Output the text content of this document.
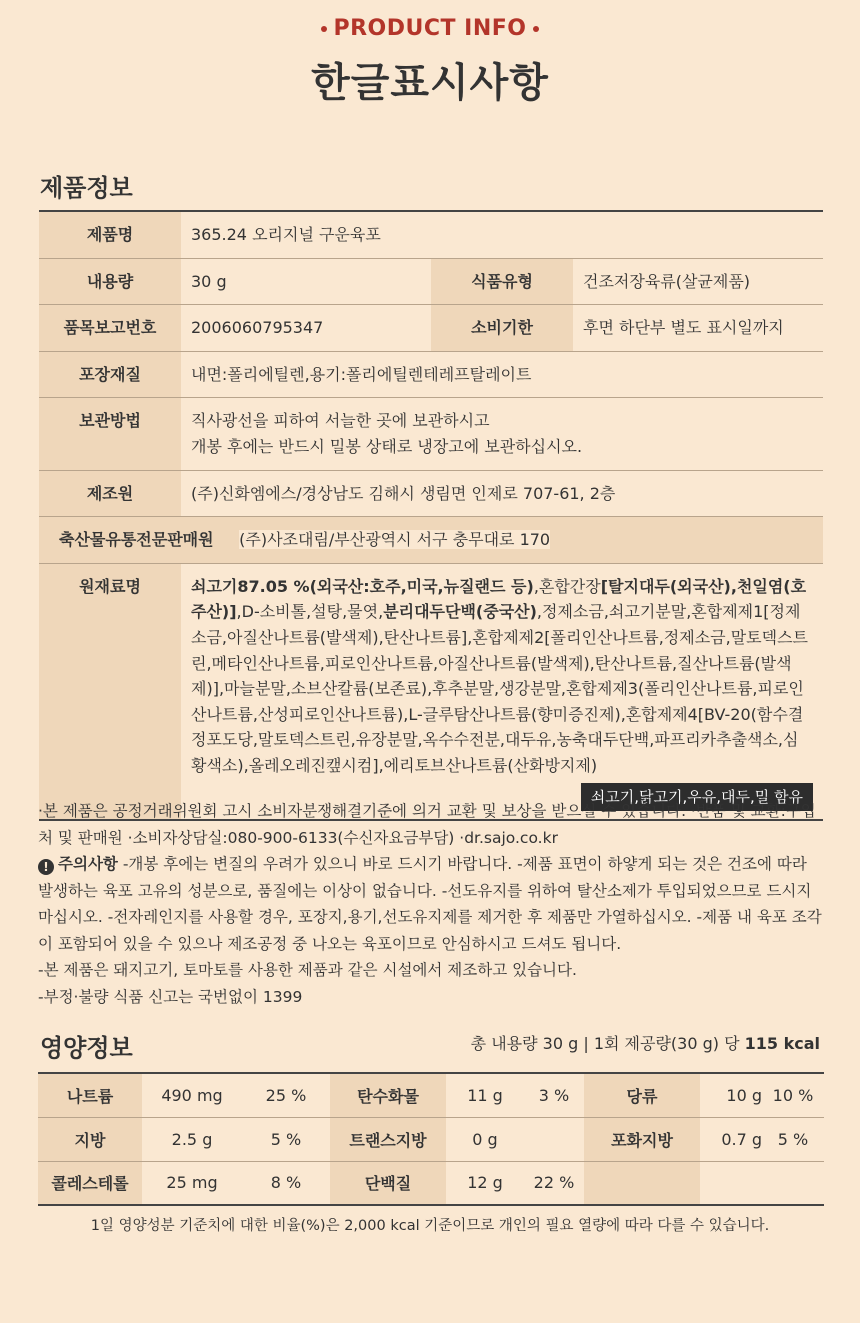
PRODUCT INFO
한글표시사항
제품정보
제품명	365.24 오리지널 구운육포		
내용량	30 g	식품유형	건조저장육류(살균제품)
품목보고번호	2006060795347	소비기한	후면 하단부 별도 표시일까지
포장재질	내면:폴리에틸렌,용기:폴리에틸렌테레프탈레이트		
보관방법	직사광선을 피하여 서늘한 곳에 보관하시고
개봉 후에는 반드시 밀봉 상태로 냉장고에 보관하십시오.		

제조원	(주)신화엠에스/경상남도 김해시 생림면 인제로 707-61, 2층		
축산물유통전문판매원 (주)사조대림/부산광역시 서구 충무대로 170			
원재료명	쇠고기87.05 %(외국산:호주,미국,뉴질랜드 등),혼합간장[탈지대두(외국산),천일염(호주산)],D-소비톨,설탕,물엿,분리대두단백(중국산),정제소금,쇠고기분말,혼합제제1[정제소금,아질산나트륨(발색제),탄산나트륨],혼합제제2[폴리인산나트륨,정제소금,말토덱스트린,메타인산나트륨,피로인산나트륨,아질산나트륨(발색제),탄산나트륨,질산나트륨(발색제)],마늘분말,소브산칼륨(보존료),후추분말,생강분말,혼합제제3(폴리인산나트륨,피로인산나트륨,산성피로인산나트륨),L-글루탐산나트륨(향미증진제),혼합제제4[BV-20(함수결정포도당,말토덱스트린,유장분말,옥수수전분,대두유,농축대두단백,파프리카추출색소,심황색소),올레오레진캪시컴],에리토브산나트륨(산화방지제)
쇠고기,닭고기,우유,대두,밀 함유		
·본 제품은 공정거래위원회 고시 소비자분쟁해결기준에 의거 교환 및 보상을 받으실 수 있습니다. ·반품 및 교환:구입처 및 판매원 ·소비자상담실:080-900-6133(수신자요금부담) ·dr.sajo.co.kr
! 주의사항 -개봉 후에는 변질의 우려가 있으니 바로 드시기 바랍니다. -제품 표면이 하얗게 되는 것은 건조에 따라 발생하는 육포 고유의 성분으로, 품질에는 이상이 없습니다. -선도유지를 위하여 탈산소제가 투입되었으므로 드시지 마십시오. -전자레인지를 사용할 경우, 포장지,용기,선도유지제를 제거한 후 제품만 가열하십시오. -제품 내 육포 조각이 포함되어 있을 수 있으나 제조공정 중 나오는 육포이므로 안심하시고 드셔도 됩니다.
-본 제품은 돼지고기, 토마토를 사용한 제품과 같은 시설에서 제조하고 있습니다.
-부정·불량 식품 신고는 국번없이 1399
영양정보	총 내용량 30 g | 1회 제공량(30 g) 당 115 kcal
나트륨	490 mg	25 %	탄수화물	11 g	3 %	당류	10 g	10 %
지방	2.5 g	5 %	트랜스지방	0 g		포화지방	0.7 g	5 %
콜레스테롤	25 mg	8 %	단백질	12 g	22 %			
1일 영양성분 기준치에 대한 비율(%)은 2,000 kcal 기준이므로 개인의 필요 열량에 따라 다를 수 있습니다.
